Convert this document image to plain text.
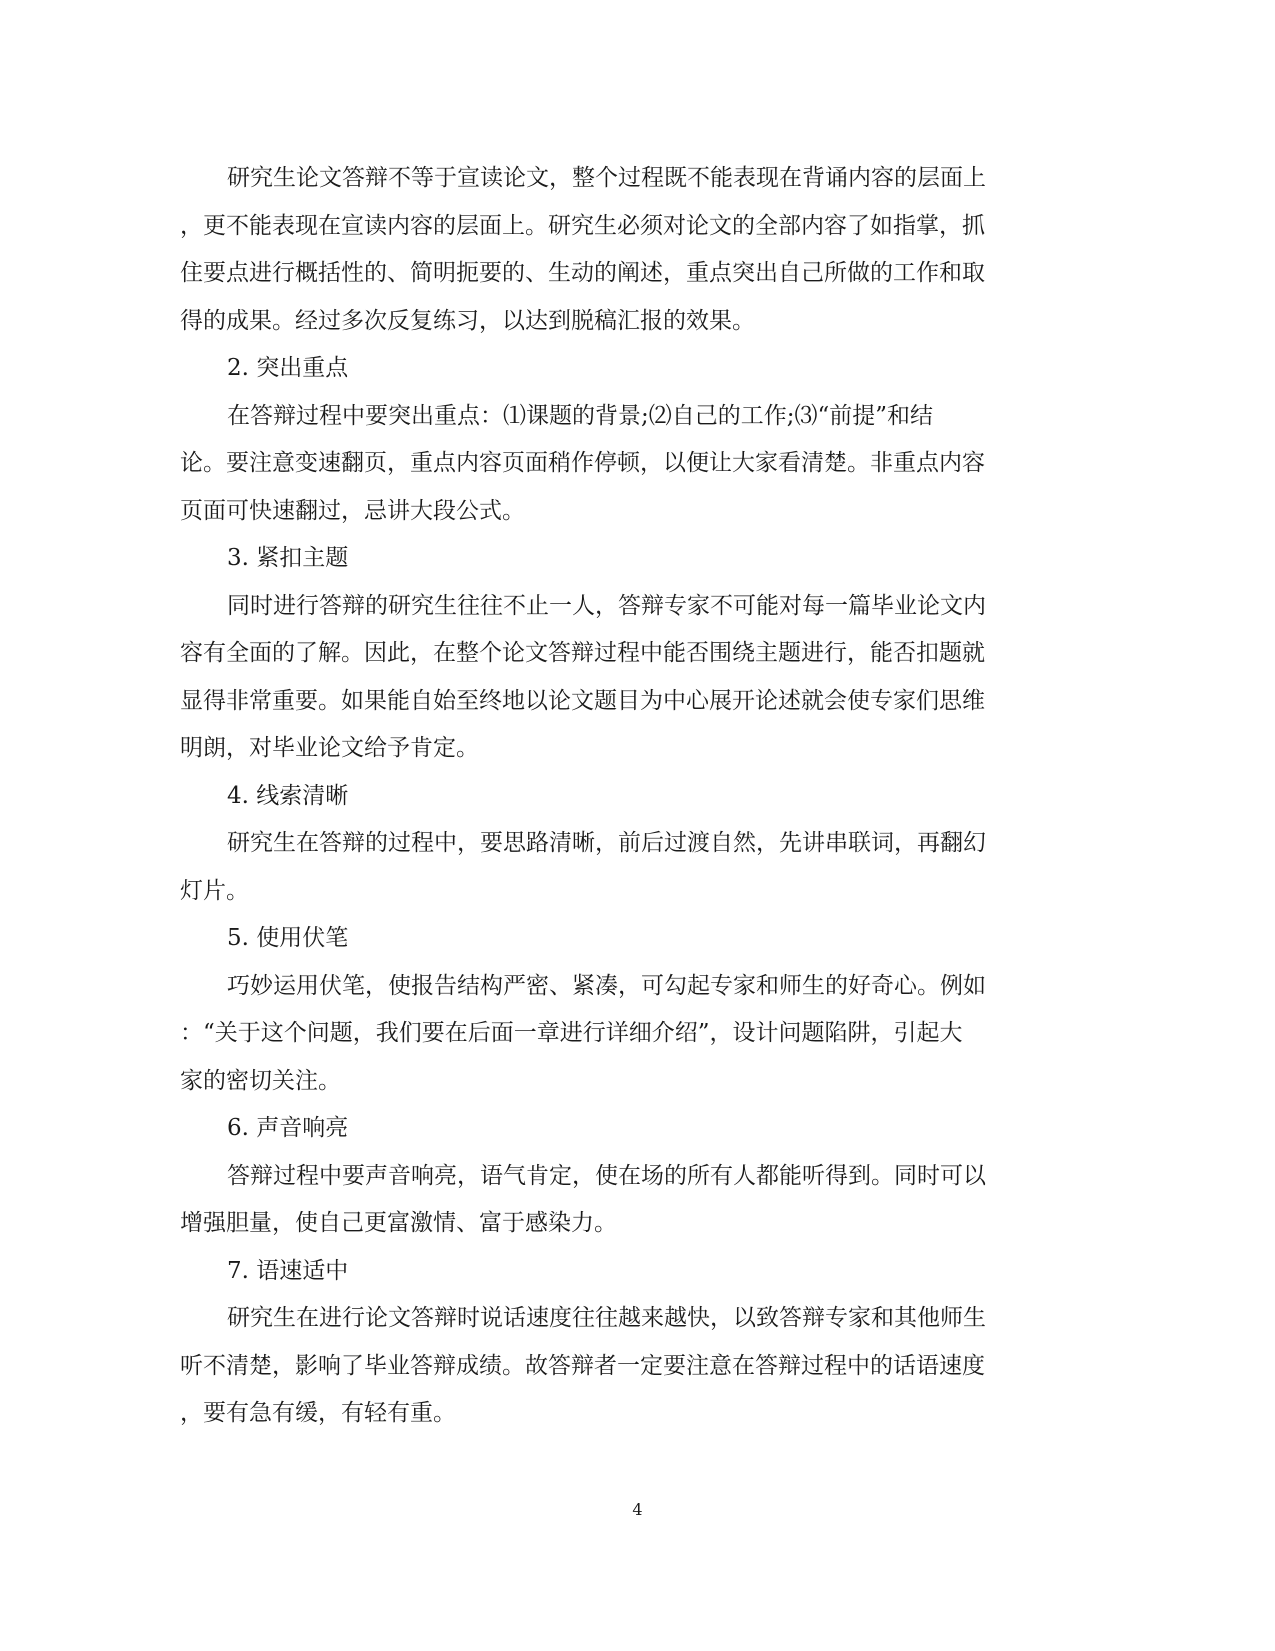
研究生论文答辩不等于宣读论文，整个过程既不能表现在背诵内容的层面上
，更不能表现在宣读内容的层面上。研究生必须对论文的全部内容了如指掌，抓
住要点进行概括性的、简明扼要的、生动的阐述，重点突出自己所做的工作和取
得的成果。经过多次反复练习，以达到脱稿汇报的效果。
2. 突出重点
在答辩过程中要突出重点：⑴课题的背景;⑵自己的工作;⑶“前提”和结
论。要注意变速翻页，重点内容页面稍作停顿，以便让大家看清楚。非重点内容
页面可快速翻过，忌讲大段公式。
3. 紧扣主题
同时进行答辩的研究生往往不止一人，答辩专家不可能对每一篇毕业论文内
容有全面的了解。因此，在整个论文答辩过程中能否围绕主题进行，能否扣题就
显得非常重要。如果能自始至终地以论文题目为中心展开论述就会使专家们思维
明朗，对毕业论文给予肯定。
4. 线索清晰
研究生在答辩的过程中，要思路清晰，前后过渡自然，先讲串联词，再翻幻
灯片。
5. 使用伏笔
巧妙运用伏笔，使报告结构严密、紧凑，可勾起专家和师生的好奇心。例如
：“关于这个问题，我们要在后面一章进行详细介绍”，设计问题陷阱，引起大
家的密切关注。
6. 声音响亮
答辩过程中要声音响亮，语气肯定，使在场的所有人都能听得到。同时可以
增强胆量，使自己更富激情、富于感染力。
7. 语速适中
研究生在进行论文答辩时说话速度往往越来越快，以致答辩专家和其他师生
听不清楚，影响了毕业答辩成绩。故答辩者一定要注意在答辩过程中的话语速度
，要有急有缓，有轻有重。
4
